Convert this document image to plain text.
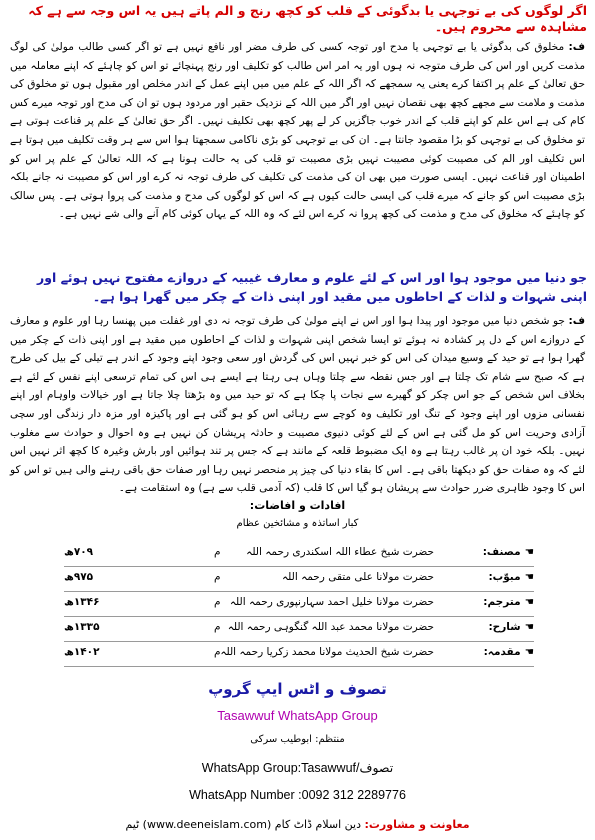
اگر لوگوں کی بے توجہی یا بدگوئی کے قلب کو کچھ رنج و الم پاتے ہیں یہ اس وجہ سے ہے کہ مشاہدہ سے محروم ہیں۔
ف: مخلوق کی بدگوئی یا بے توجہی یا مدح اور توجہ کسی کی طرف مضر اور نافع نہیں ہے تو اگر کسی طالب مولیٰ کی لوگ مذمت کریں اور اس کی طرف متوجہ نہ ہوں اور یہ امر اس طالب کو تکلیف اور رنج پہنچائے تو اس کو چاہئے کہ اپنے معاملہ میں حق تعالیٰ کے علم پر اکتفا کرے یعنی یہ سمجھے کہ اگر اللہ کے علم میں میں اپنے عمل کے اندر مخلص اور مقبول ہوں تو مخلوق کی مذمت و ملامت سے مجھے کچھ بھی نقصان نہیں اور اگر میں اللہ کے نزدیک حقیر اور مردود ہوں تو ان کی مدح اور توجہ میرے کس کام کی ہے اس علم کو اپنے قلب کے اندر خوب جاگزیں کر لے پھر کچھ بھی تکلیف نہیں۔ اگر حق تعالیٰ کے علم پر قناعت ہوتی ہے تو مخلوق کی بے توجہی کو بڑا مقصود جانتا ہے۔ ان کی بے توجہی کو بڑی ناکامی سمجھتا ہوا اس سے ہر وقت تکلیف میں ہوتا ہے اس تکلیف اور الم کی مصیبت کوئی مصیبت نہیں بڑی مصیبت تو قلب کی یہ حالت ہونا ہے کہ اللہ تعالیٰ کے علم پر اس کو اطمینان اور قناعت نہیں۔ ایسی صورت میں بھی ان کی مذمت کی تکلیف کی طرف توجہ نہ کرے اور اس کو مصیبت نہ جانے بلکہ بڑی مصیبت اس کو جانے کہ میرے قلب کی ایسی حالت کیوں ہے کہ اس کو لوگوں کی مدح و مذمت کی پروا ہوتی ہے۔ پس سالک کو چاہئے کہ مخلوق کی مدح و مذمت کی کچھ پروا نہ کرے اس لئے کہ وہ اللہ کے یہاں کوئی کام آنے والی شے نہیں ہے۔
جو دنیا میں موجود ہوا اور اس کے لئے علوم و معارف غیبیہ کے دروازے مفتوح نہیں ہوئے اور اپنی شہوات و لذات کے احاطوں میں مقید اور اپنی ذات کے چکر میں گھرا ہوا ہے۔
ف: جو شخص دنیا میں موجود اور پیدا ہوا اور اس نے اپنے مولیٰ کی طرف توجہ نہ دی اور غفلت میں پھنسا رہا اور علوم و معارف کے دروازے اس کے دل پر کشادہ نہ ہوئے تو ایسا شخص اپنی شہوات و لذات کے احاطوں میں مقید ہے اور اپنی ذات کے چکر میں گھرا ہوا ہے تو حید کے وسیع میدان کی اس کو خبر نہیں اس کی گردش اور سعی وجود اپنے وجود کے اندر ہے تیلی کے بیل کی طرح ہے کہ صبح سے شام تک چلتا ہے اور جس نقطہ سے چلتا وہاں ہی رہتا ہے ایسے ہی اس کی تمام ترسعی اپنے نفس کے لئے ہے بخلاف اس شخص کے جو اس چکر کو گھیرے سے نجات پا چکا ہے کہ تو حید میں وہ بڑھتا چلا جاتا ہے اور خیالات واوہام اور اپنے نفسانی مزوں اور اپنے وجود کے تنگ اور تکلیف وہ کوچے سے رہائی اس کو ہو گئی ہے اور پاکیزہ اور مزہ دار زندگی اور سچی آزادی وحریت اس کو مل گئی ہے اس کے لئے کوئی دنیوی مصیبت و حادثہ پریشان کن نہیں ہے وہ احوال و حوادث سے مغلوب نہیں۔ بلکہ خود ان پر غالب رہتا ہے وہ ایک مضبوط قلعہ کے مانند ہے کہ جس پر تند ہوائیں اور بارش وغیرہ کا کچھ اثر نہیں اس لئے کہ وہ صفات حق کو دیکھتا باقی ہے۔ اس کا بقاء دنیا کی چیز پر منحصر نہیں رہا اور صفات حق باقی رہنے والی ہیں تو اس کو اس کا وجود ظاہری ضرر حوادث سے پریشان ہو گیا اس کا قلب (کہ آدمی قلب سے ہے) وہ استقامت ہے۔
افادات و افاضات:
کبار اساتذہ و مشائخین عظام
☚مصنف:
حضرت شیخ عطاء اللہ اسکندری رحمہ اللہ
م
۷۰۹ھ
☚مبوّب:
حضرت مولانا علی متقی رحمہ اللہ
م
۹۷۵ھ
☚مترجم:
حضرت مولانا خلیل احمد سہارنپوری رحمہ اللہ
م
۱۳۴۶ھ
☚شارح:
حضرت مولانا محمد عبد اللہ گنگوہی رحمہ اللہ
م
۱۳۳۵ھ
☚مقدمہ:
حضرت شیخ الحدیث مولانا محمد زکریا رحمہ اللہ
م
۱۴۰۲ھ
تصوف و اٹس ایپ گروپ
Tasawwuf WhatsApp Group
منتظم: ابوطیب سرکی
WhatsApp Group:Tasawwuf/تصوف
WhatsApp Number :0092 312 2289776
معاونت و مشاورت: دین اسلام ڈاٹ کام (www.deeneislam.com) ٹیم
